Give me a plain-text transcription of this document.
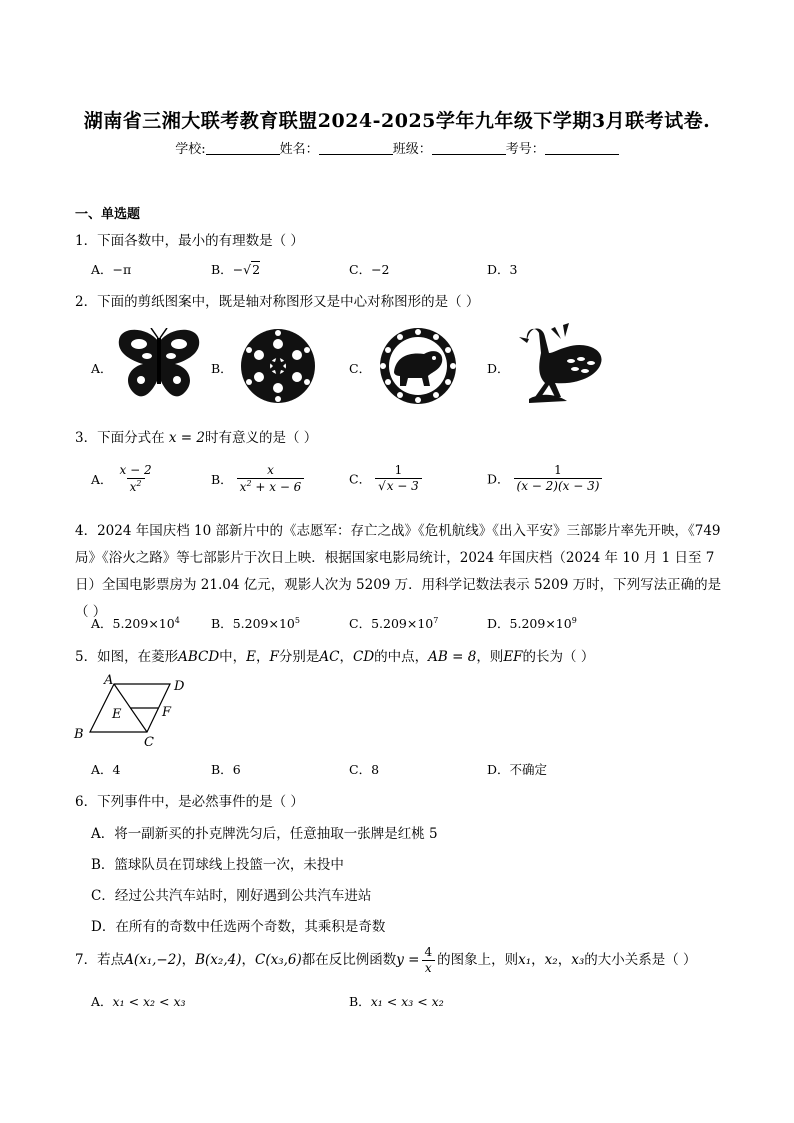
湖南省三湘大联考教育联盟2024-2025学年九年级下学期3月联考试卷.
学校:	姓名：	班级：	考号：
一、单选题
1．下面各数中，最小的有理数是（ ）
A．−π	B．−√2	C．−2	D．3
2．下面的剪纸图案中，既是轴对称图形又是中心对称图形的是（ ）
A．	B．	C．	D．
3．下面分式在 x = 2时有意义的是（ ）
A． $\frac{x - 2}{x^2}$	B． $\frac{x}{x^2 + x - 6}$	C． $\frac{1}{√x - 3}$	D． $\frac{1}{(x - 2)(x - 3)}$
4．2024 年国庆档 10 部新片中的《志愿军：存亡之战》《危机航线》《出入平安》三部影片率先开映，《749局》《浴火之路》等七部影片于次日上映．根据国家电影局统计，2024 年国庆档（2024 年 10 月 1 日至 7 日）全国电影票房为 21.04 亿元，观影人次为 5209 万．用科学记数法表示 5209 万时，下列写法正确的是（ ）
A．$5.209\times 10^4$ B．$5.209\times 10^5$	C．$5.209\times 10^7$	D．$5.209\times 10^9$
5．如图，在菱形ABCD中，E，F分别是AC，CD的中点，AB = 8，则EF的长为（ ）
A	D
E	F
B
C
A．4	B．6	C．8	D．不确定
6．下列事件中，是必然事件的是（ ）
A．将一副新买的扑克牌洗匀后，任意抽取一张牌是红桃 5
B．篮球队员在罚球线上投篮一次，未投中
C．经过公共汽车站时，刚好遇到公共汽车进站
D．在所有的奇数中任选两个奇数，其乘积是奇数
7．若点A(x₁,−2)，B(x₂,4)，C(x₃,6)都在反比例函数$y = \frac{4}{x}$ 的图象上，则x₁，x₂，x₃的大小关系是（ ）
A．x₁ < x₂ < x₃	B．x₁ < x₃ < x₂
